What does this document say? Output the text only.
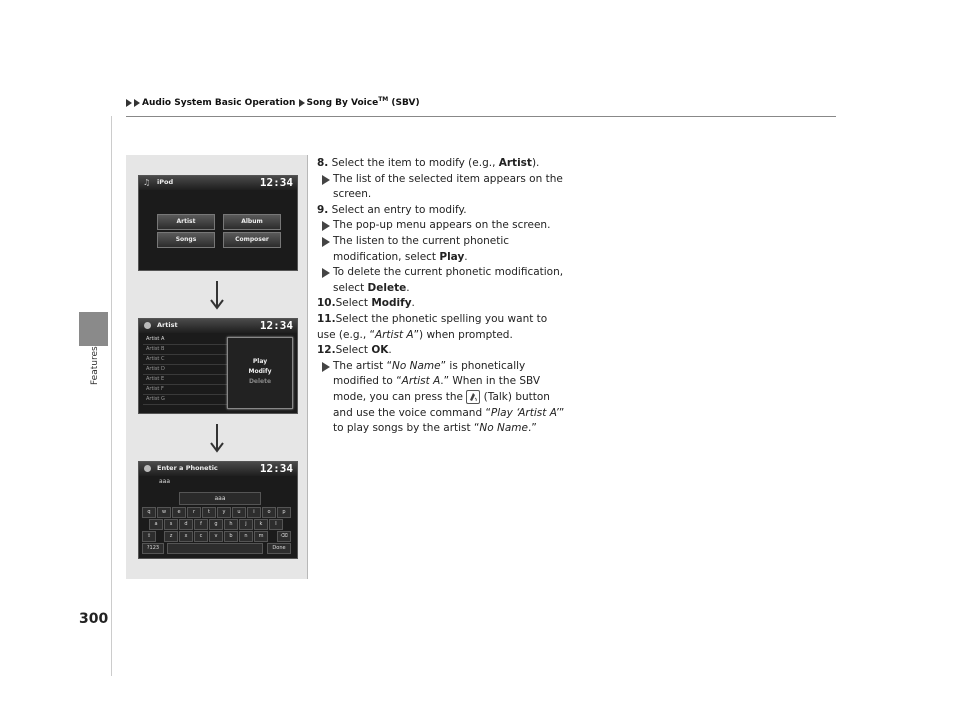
Audio System Basic Operation Song By Voice™ (SBV)
Features
300
♫ iPod	12:34
Artist	Album
Songs	Composer
Artist	12:34
Artist A
Artist B
Artist C
Artist D
Artist E
Artist F
Artist G
Play
Modify
Delete
Enter a Phonetic	12:34
aaa
aaa
q	w	e	r	t	y	u	i	o	p
a	s	d	f	g	h	j	k	l
⇧	z	x	c	v	b	n	m	⌫
?123	Done
8. Select the item to modify (e.g., Artist).
The list of the selected item appears on the screen.
9. Select an entry to modify.
The pop-up menu appears on the screen.
The listen to the current phonetic modification, select Play.
To delete the current phonetic modification, select Delete.
10.Select Modify.
11.Select the phonetic spelling you want to use (e.g., “Artist A”) when prompted.
12.Select OK.
The artist “No Name” is phonetically modified to “Artist A.” When in the SBV mode, you can press the  (Talk) button and use the voice command “Play ‘Artist A’” to play songs by the artist “No Name.”
